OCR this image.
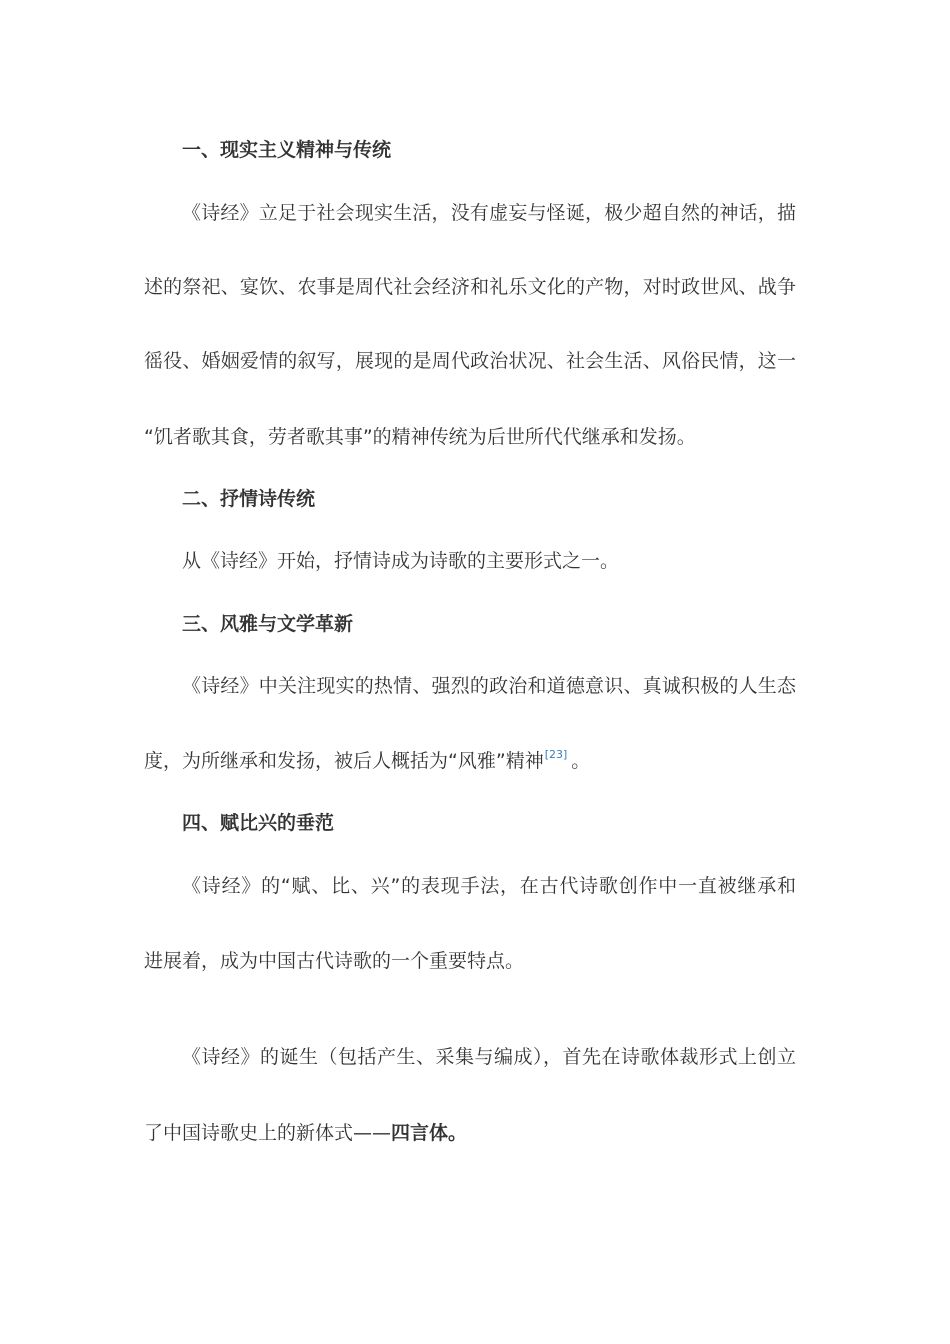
一、现实主义精神与传统
《诗经》立足于社会现实生活，没有虚妄与怪诞，极少超自然的神话，描
述的祭祀、宴饮、农事是周代社会经济和礼乐文化的产物，对时政世风、战争
徭役、婚姻爱情的叙写，展现的是周代政治状况、社会生活、风俗民情，这一
“饥者歌其食，劳者歌其事”的精神传统为后世所代代继承和发扬。
二、抒情诗传统
从《诗经》开始，抒情诗成为诗歌的主要形式之一。
三、风雅与文学革新
《诗经》中关注现实的热情、强烈的政治和道德意识、真诚积极的人生态
度，为所继承和发扬，被后人概括为“风雅”精神[23] 。
四、赋比兴的垂范
《诗经》的“赋、比、兴”的表现手法，在古代诗歌创作中一直被继承和
进展着，成为中国古代诗歌的一个重要特点。
《诗经》的诞生（包括产生、采集与编成），首先在诗歌体裁形式上创立
了中国诗歌史上的新体式——四言体。
